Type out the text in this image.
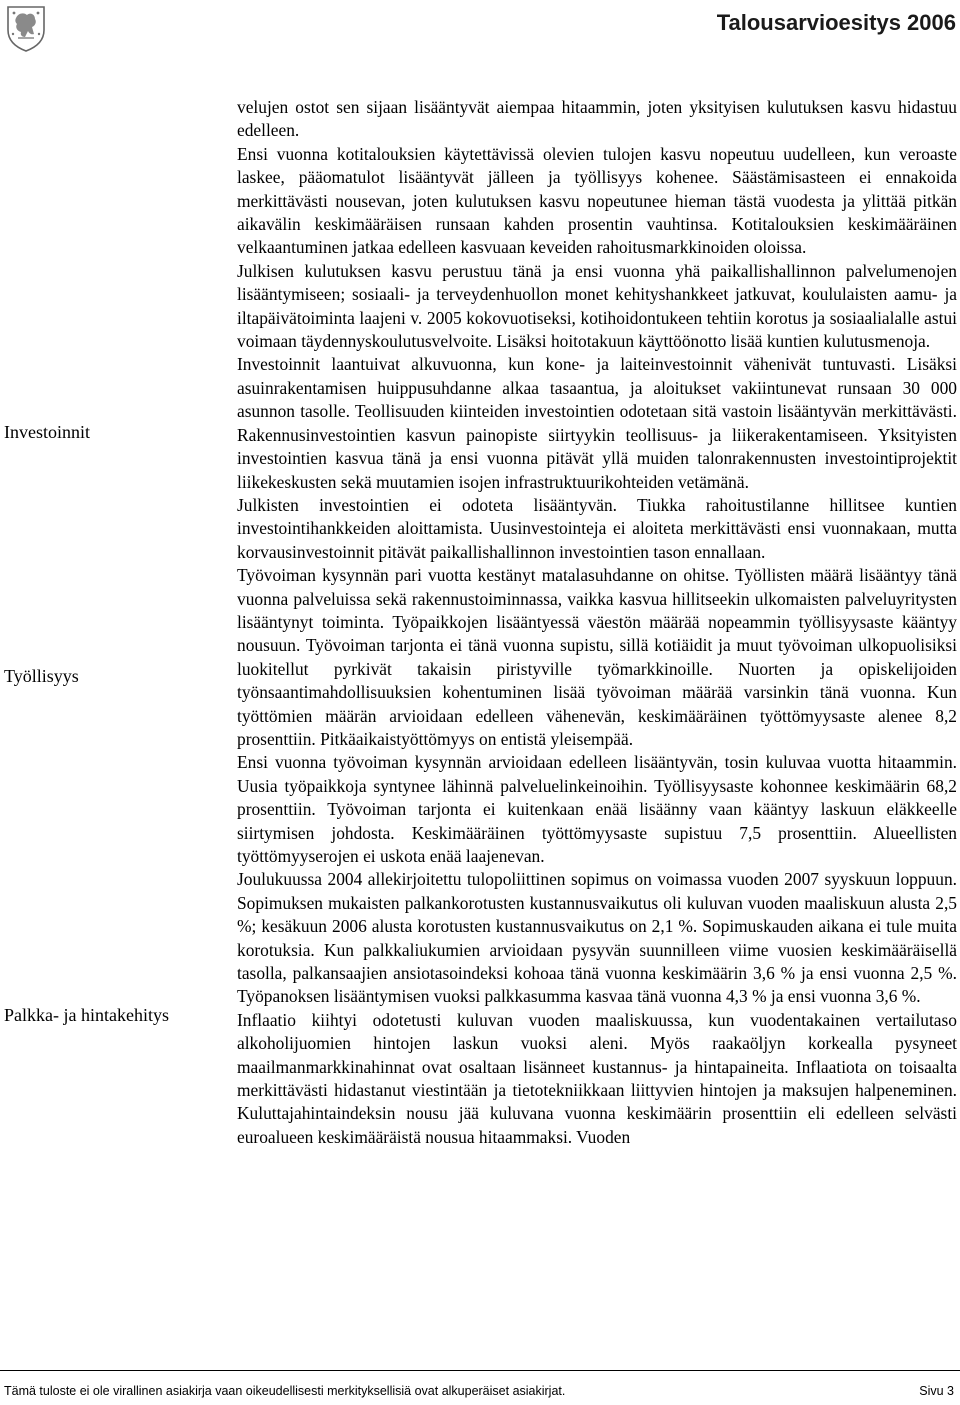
Talousarvioesitys 2006
Investoinnit
Työllisyys
Palkka- ja hintakehitys

velujen ostot sen sijaan lisääntyvät aiempaa hitaammin, joten yksityisen kulutuksen kasvu hidastuu edelleen.

Ensi vuonna kotitalouksien käytettävissä olevien tulojen kasvu nopeutuu uudelleen, kun veroaste laskee, pääomatulot lisääntyvät jälleen ja työllisyys kohenee. Säästämisasteen ei ennakoida merkittävästi nousevan, joten kulutuksen kasvu nopeutunee hieman tästä vuodesta ja ylittää pitkän aikavälin keskimääräisen runsaan kahden prosentin vauhtinsa. Kotitalouksien keskimääräinen velkaantuminen jatkaa edelleen kasvuaan keveiden rahoitusmarkkinoiden oloissa.

Julkisen kulutuksen kasvu perustuu tänä ja ensi vuonna yhä paikallishallinnon palvelumenojen lisääntymiseen; sosiaali- ja terveydenhuollon monet kehityshankkeet jatkuvat, koululaisten aamu- ja iltapäivätoiminta laajeni v. 2005 kokovuotiseksi, kotihoidontukeen tehtiin korotus ja sosiaalialalle astui voimaan täydennyskoulutusvelvoite. Lisäksi hoitotakuun käyttöönotto lisää kuntien kulutusmenoja.

Investoinnit laantuivat alkuvuonna, kun kone- ja laiteinvestoinnit vähenivät tuntuvasti. Lisäksi asuinrakentamisen huippusuhdanne alkaa tasaantua, ja aloitukset vakiintunevat runsaan 30 000 asunnon tasolle. Teollisuuden kiinteiden investointien odotetaan sitä vastoin lisääntyvän merkittävästi. Rakennusinvestointien kasvun painopiste siirtyykin teollisuus- ja liikerakentamiseen. Yksityisten investointien kasvua tänä ja ensi vuonna pitävät yllä muiden talonrakennusten investointiprojektit liikekeskusten sekä muutamien isojen infrastruktuurikohteiden vetämänä.

Julkisten investointien ei odoteta lisääntyvän. Tiukka rahoitustilanne hillitsee kuntien investointihankkeiden aloittamista. Uusinvestointeja ei aloiteta merkittävästi ensi vuonnakaan, mutta korvausinvestoinnit pitävät paikallishallinnon investointien tason ennallaan.

Työvoiman kysynnän pari vuotta kestänyt matalasuhdanne on ohitse. Työllisten määrä lisääntyy tänä vuonna palveluissa sekä rakennustoiminnassa, vaikka kasvua hillitseekin ulkomaisten palveluyritysten lisääntynyt toiminta. Työpaikkojen lisääntyessä väestön määrää nopeammin työllisyysaste kääntyy nousuun. Työvoiman tarjonta ei tänä vuonna supistu, sillä kotiäidit ja muut työvoiman ulkopuolisiksi luokitellut pyrkivät takaisin piristyville työmarkkinoille. Nuorten ja opiskelijoiden työnsaantimahdollisuuksien kohentuminen lisää työvoiman määrää varsinkin tänä vuonna. Kun työttömien määrän arvioidaan edelleen vähenevän, keskimääräinen työttömyysaste alenee 8,2 prosenttiin. Pitkäaikaistyöttömyys on entistä yleisempää.

Ensi vuonna työvoiman kysynnän arvioidaan edelleen lisääntyvän, tosin kuluvaa vuotta hitaammin. Uusia työpaikkoja syntynee lähinnä palveluelinkeinoihin. Työllisyysaste kohonnee keskimäärin 68,2 prosenttiin. Työvoiman tarjonta ei kuitenkaan enää lisäänny vaan kääntyy laskuun eläkkeelle siirtymisen johdosta. Keskimääräinen työttömyysaste supistuu 7,5 prosenttiin. Alueellisten työttömyyserojen ei uskota enää laajenevan.

Joulukuussa 2004 allekirjoitettu tulopoliittinen sopimus on voimassa vuoden 2007 syyskuun loppuun. Sopimuksen mukaisten palkankorotusten kustannusvaikutus oli kuluvan vuoden maaliskuun alusta 2,5 %; kesäkuun 2006 alusta korotusten kustannusvaikutus on 2,1 %. Sopimuskauden aikana ei tule muita korotuksia. Kun palkkaliukumien arvioidaan pysyvän suunnilleen viime vuosien keskimääräisellä tasolla, palkansaajien ansiotasoindeksi kohoaa tänä vuonna keskimäärin 3,6 % ja ensi vuonna 2,5 %. Työpanoksen lisääntymisen vuoksi palkkasumma kasvaa tänä vuonna 4,3 % ja ensi vuonna 3,6 %.

Inflaatio kiihtyi odotetusti kuluvan vuoden maaliskuussa, kun vuodentakainen vertailutaso alkoholijuomien hintojen laskun vuoksi aleni. Myös raakaöljyn korkealla pysyneet maailmanmarkkinahinnat ovat osaltaan lisänneet kustannus- ja hintapaineita. Inflaatiota on toisaalta merkittävästi hidastanut viestintään ja tietotekniikkaan liittyvien hintojen ja maksujen halpeneminen. Kuluttajahintaindeksin nousu jää kuluvana vuonna keskimäärin prosenttiin eli edelleen selvästi euroalueen keskimääräistä nousua hitaammaksi. Vuoden

Tämä tuloste ei ole virallinen asiakirja vaan oikeudellisesti merkityksellisiä ovat alkuperäiset asiakirjat.	Sivu 3
